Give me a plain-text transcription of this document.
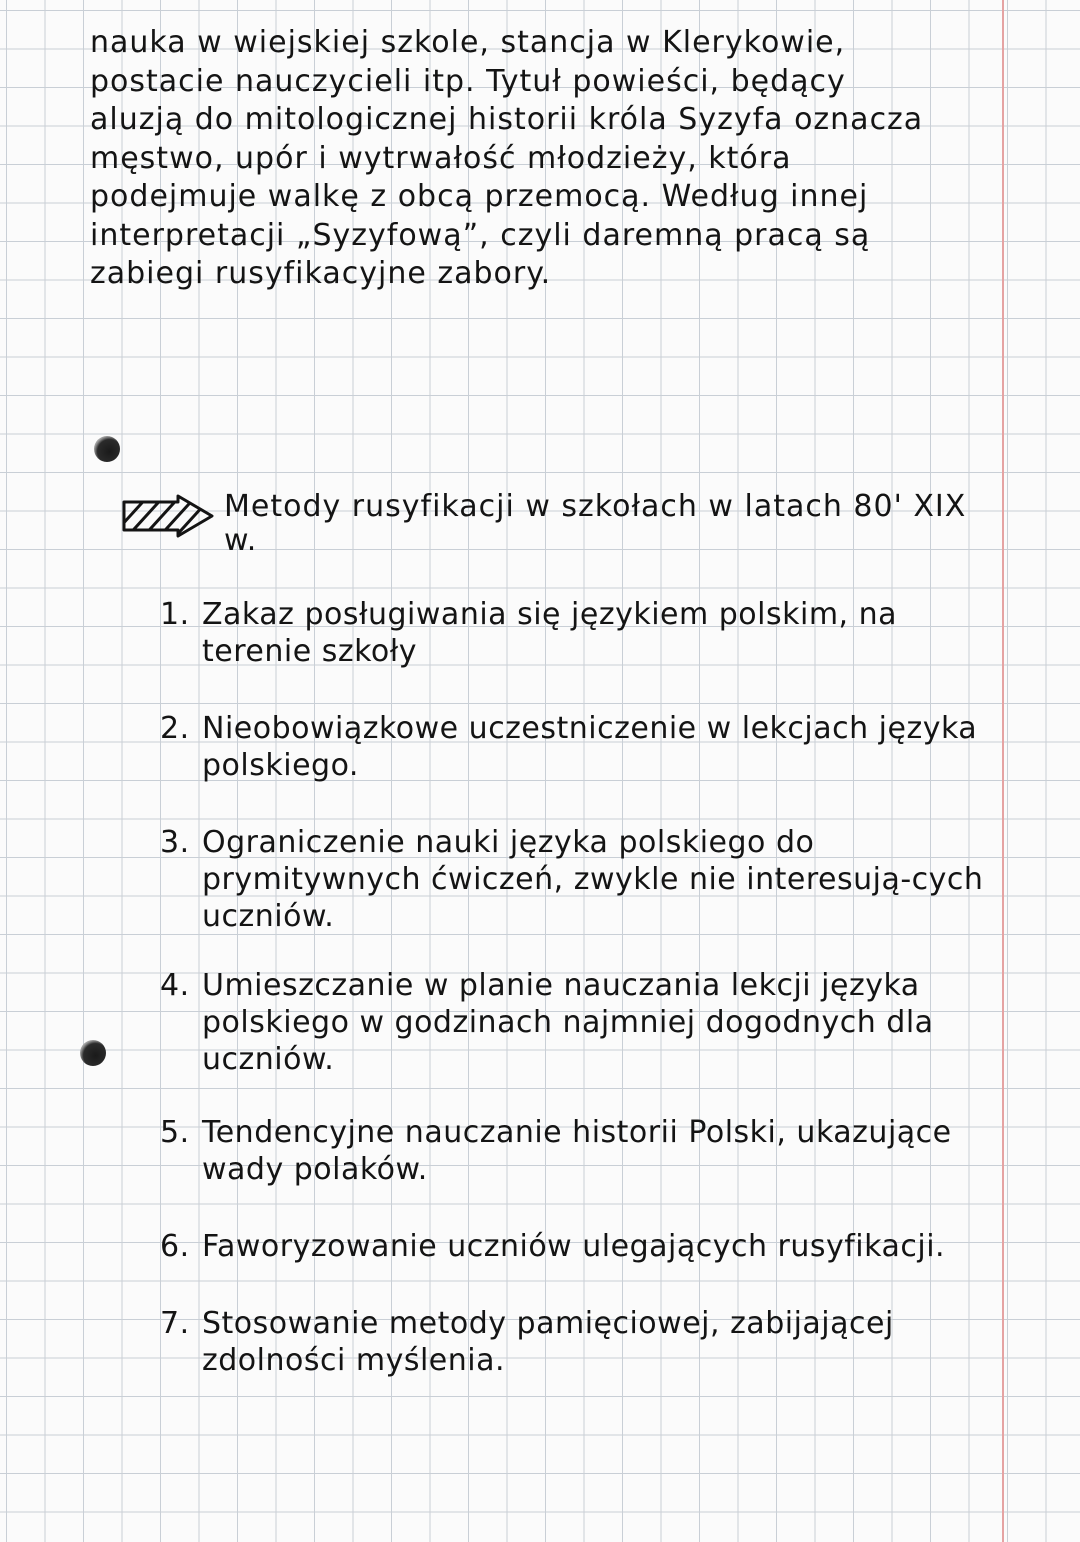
nauka w wiejskiej szkole, stancja w Klerykowie, postacie nauczycieli itp. Tytuł powieści, będący aluzją do mitologicznej historii króla Syzyfa oznacza męstwo, upór i wytrwałość młodzieży, która podejmuje walkę z obcą przemocą. Według innej interpretacji „Syzyfową”, czyli daremną pracą są zabiegi rusyfikacyjne zabory.

Metody rusyfikacji w szkołach w latach 80' XIX w.

1. Zakaz posługiwania się językiem polskim, na terenie szkoły
2. Nieobowiązkowe uczestniczenie w lekcjach języka polskiego.
3. Ograniczenie nauki języka polskiego do prymitywnych ćwiczeń, zwykle nie interesują-cych uczniów.
4. Umieszczanie w planie nauczania lekcji języka polskiego w godzinach najmniej dogodnych dla uczniów.
5. Tendencyjne nauczanie historii Polski, ukazujące wady polaków.
6. Faworyzowanie uczniów ulegających rusyfikacji.
7. Stosowanie metody pamięciowej, zabijającej zdolności myślenia.
